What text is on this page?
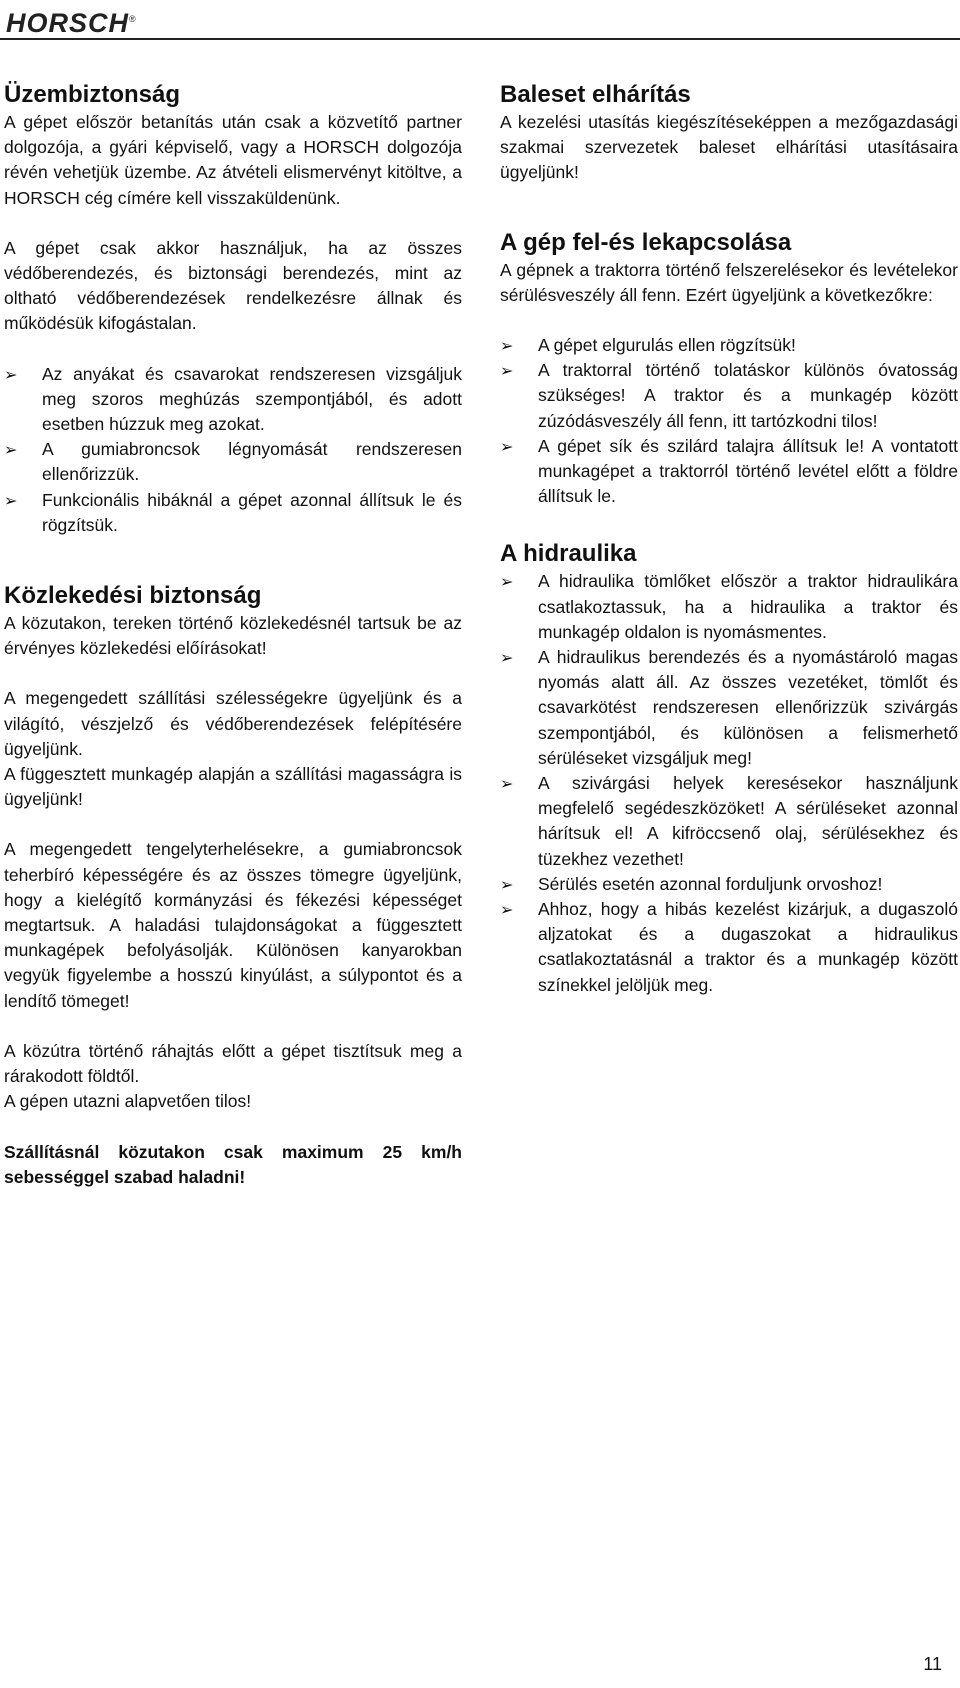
HORSCH®
Üzembiztonság

A gépet először betanítás után csak a közvetítő partner dolgozója, a gyári képviselő, vagy a HORSCH dolgozója révén vehetjük üzembe. Az átvételi elismervényt kitöltve, a HORSCH cég címére kell visszaküldenünk.

A gépet csak akkor használjuk, ha az összes védőberendezés, és biztonsági berendezés, mint az oltható védőberendezések rendelkezésre állnak és működésük kifogástalan.

➢ Az anyákat és csavarokat rendszeresen vizsgáljuk meg szoros meghúzás szempontjából, és adott esetben húzzuk meg azokat.
➢ A gumiabroncsok légnyomását rendszeresen ellenőrizzük.
➢ Funkcionális hibáknál a gépet azonnal állítsuk le és rögzítsük.
Közlekedési biztonság

A közutakon, tereken történő közlekedésnél tartsuk be az érvényes közlekedési előírásokat!

A megengedett szállítási szélességekre ügyeljünk és a világító, vészjelző és védőberendezések felépítésére ügyeljünk.

A függesztett munkagép alapján a szállítási magasságra is ügyeljünk!

A megengedett tengelyterhelésekre, a gumiabroncsok teherbíró képességére és az összes tömegre ügyeljünk, hogy a kielégítő kormányzási és fékezési képességet megtartsuk. A haladási tulajdonságokat a függesztett munkagépek befolyásolják. Különösen kanyarokban vegyük figyelembe a hosszú kinyúlást, a súlypontot és a lendítő tömeget!

A közútra történő ráhajtás előtt a gépet tisztítsuk meg a rárakodott földtől.

A gépen utazni alapvetően tilos!

Szállításnál közutakon csak maximum 25 km/h sebességgel szabad haladni!

Baleset elhárítás

A kezelési utasítás kiegészítéseképpen a mezőgazdasági szakmai szervezetek baleset elhárítási utasításaira ügyeljünk!

A gép fel-és lekapcsolása

A gépnek a traktorra történő felszerelésekor és levételekor sérülésveszély áll fenn. Ezért ügyeljünk a következőkre:

➢ A gépet elgurulás ellen rögzítsük!
➢ A traktorral történő tolatáskor különös óvatosság szükséges! A traktor és a munkagép között zúzódásveszély áll fenn, itt tartózkodni tilos!
➢ A gépet sík és szilárd talajra állítsuk le! A vontatott munkagépet a traktorról történő levétel előtt a földre állítsuk le.
A hidraulika
➢ A hidraulika tömlőket először a traktor hidraulikára csatlakoztassuk, ha a hidraulika a traktor és munkagép oldalon is nyomásmentes.
➢ A hidraulikus berendezés és a nyomástároló magas nyomás alatt áll. Az összes vezetéket, tömlőt és csavarkötést rendszeresen ellenőrizzük szivárgás szempontjából, és különösen a felismerhető sérüléseket vizsgáljuk meg!
➢ A szivárgási helyek keresésekor használjunk megfelelő segédeszközöket! A sérüléseket azonnal hárítsuk el! A kifröccsenő olaj, sérülésekhez és tüzekhez vezethet!
➢ Sérülés esetén azonnal forduljunk orvoshoz!
➢ Ahhoz, hogy a hibás kezelést kizárjuk, a dugaszoló aljzatokat és a dugaszokat a hidraulikus csatlakoztatásnál a traktor és a munkagép között színekkel jelöljük meg.
11
